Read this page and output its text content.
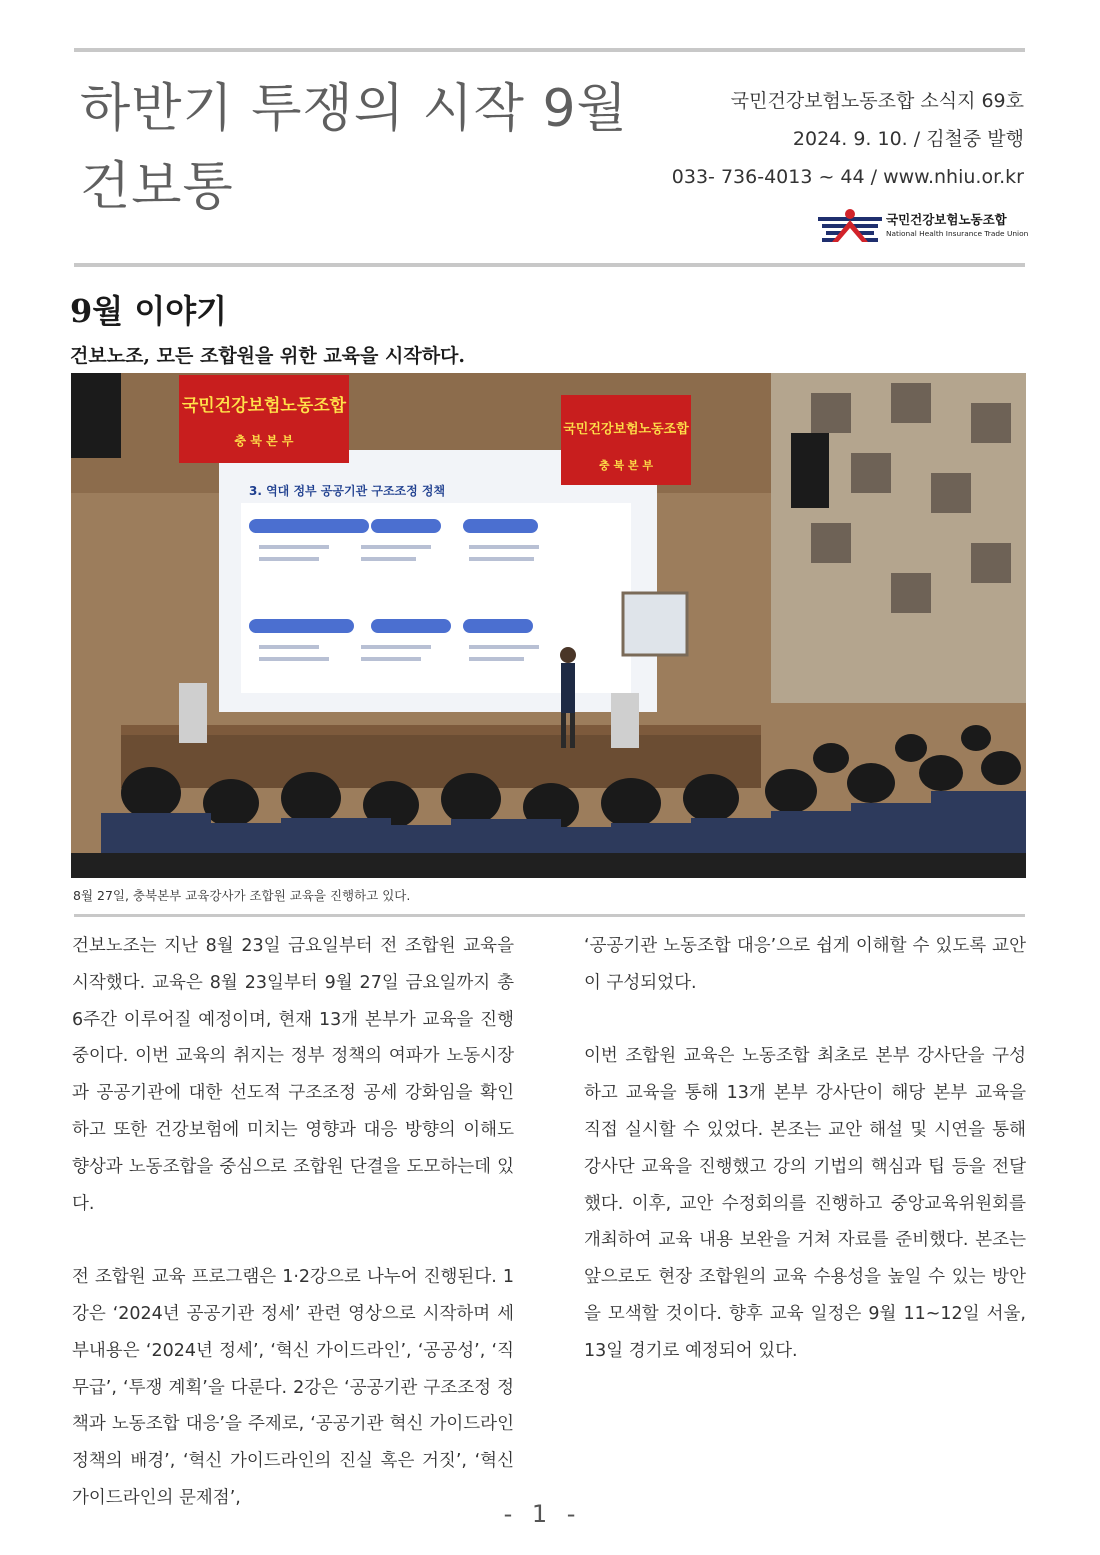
하반기 투쟁의 시작 9월
건보통
국민건강보험노동조합 소식지 69호
2024. 9. 10. / 김철중 발행
033- 736-4013 ~ 44 / www.nhiu.or.kr
국민건강보험노동조합
National Health Insurance Trade Union
9월 이야기
건보노조, 모든 조합원을 위한 교육을 시작하다.
3. 역대 정부 공공기관 구조조정 정책
국민건강보험노동조합
충 북 본 부
국민건강보험노동조합
충 북 본 부
8월 27일, 충북본부 교육강사가 조합원 교육을 진행하고 있다.

건보노조는 지난 8월 23일 금요일부터 전 조합원 교육을 시작했다. 교육은 8월 23일부터 9월 27일 금요일까지 총 6주간 이루어질 예정이며, 현재 13개 본부가 교육을 진행중이다. 이번 교육의 취지는 정부 정책의 여파가 노동시장과 공공기관에 대한 선도적 구조조정 공세 강화임을 확인하고 또한 건강보험에 미치는 영향과 대응 방향의 이해도 향상과 노동조합을 중심으로 조합원 단결을 도모하는데 있다.

전 조합원 교육 프로그램은 1·2강으로 나누어 진행된다. 1강은 ‘2024년 공공기관 정세’ 관련 영상으로 시작하며 세부내용은 ‘2024년 정세’, ‘혁신 가이드라인’, ‘공공성’, ‘직무급’, ‘투쟁 계획’을 다룬다. 2강은 ‘공공기관 구조조정 정책과 노동조합 대응’을 주제로, ‘공공기관 혁신 가이드라인 정책의 배경’, ‘혁신 가이드라인의 진실 혹은 거짓’, ‘혁신 가이드라인의 문제점’,

‘공공기관 노동조합 대응’으로 쉽게 이해할 수 있도록 교안이 구성되었다.

이번 조합원 교육은 노동조합 최초로 본부 강사단을 구성하고 교육을 통해 13개 본부 강사단이 해당 본부 교육을 직접 실시할 수 있었다. 본조는 교안 해설 및 시연을 통해 강사단 교육을 진행했고 강의 기법의 핵심과 팁 등을 전달했다. 이후, 교안 수정회의를 진행하고 중앙교육위원회를 개최하여 교육 내용 보완을 거쳐 자료를 준비했다. 본조는 앞으로도 현장 조합원의 교육 수용성을 높일 수 있는 방안을 모색할 것이다. 향후 교육 일정은 9월 11~12일 서울, 13일 경기로 예정되어 있다.

- 1 -
